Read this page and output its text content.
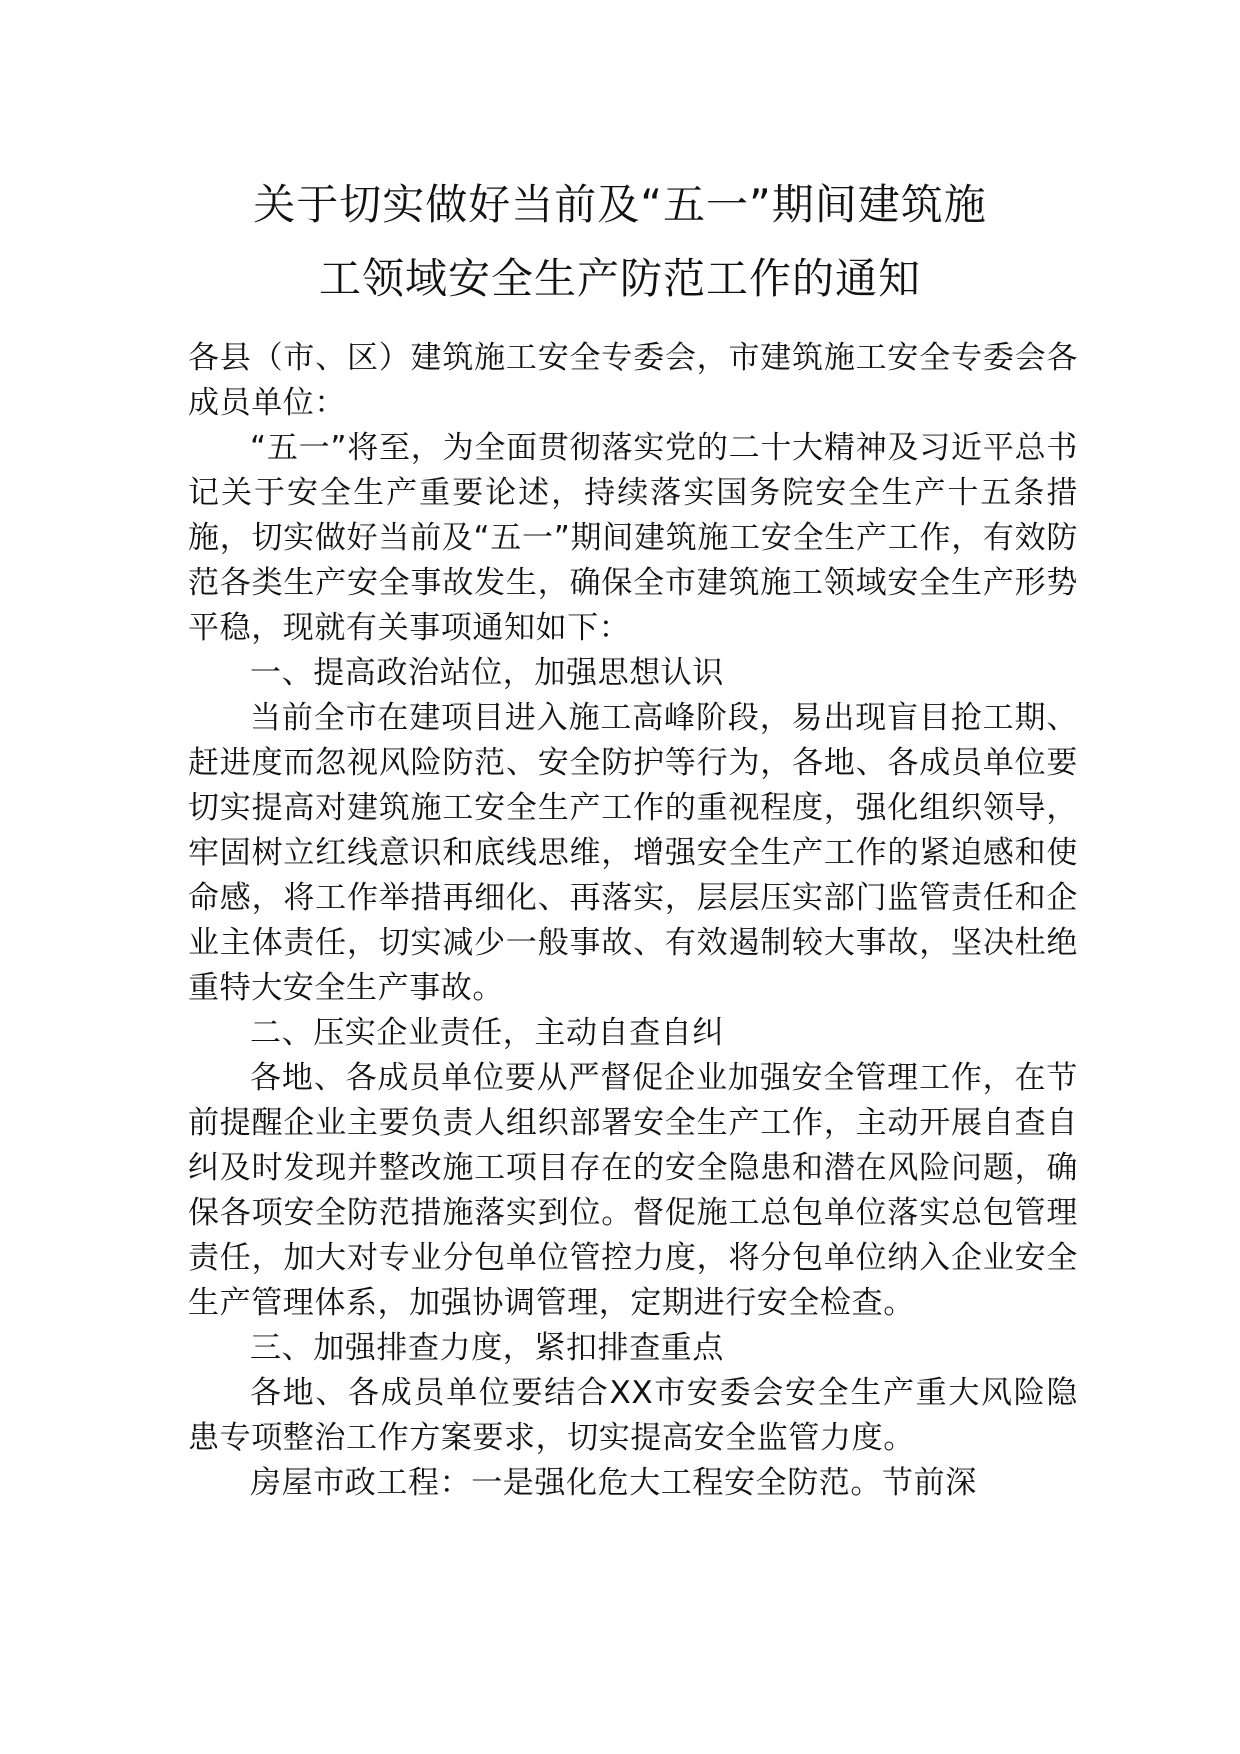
关于切实做好当前及“五一”期间建筑施
工领域安全生产防范工作的通知

各县（市、区）建筑施工安全专委会，市建筑施工安全专委会各成员单位：

“五一”将至，为全面贯彻落实党的二十大精神及习近平总书记关于安全生产重要论述，持续落实国务院安全生产十五条措施，切实做好当前及“五一”期间建筑施工安全生产工作，有效防范各类生产安全事故发生，确保全市建筑施工领域安全生产形势平稳，现就有关事项通知如下：

一、提高政治站位，加强思想认识

当前全市在建项目进入施工高峰阶段，易出现盲目抢工期、赶进度而忽视风险防范、安全防护等行为，各地、各成员单位要切实提高对建筑施工安全生产工作的重视程度，强化组织领导，牢固树立红线意识和底线思维，增强安全生产工作的紧迫感和使命感，将工作举措再细化、再落实，层层压实部门监管责任和企业主体责任，切实减少一般事故、有效遏制较大事故，坚决杜绝重特大安全生产事故。

二、压实企业责任，主动自查自纠

各地、各成员单位要从严督促企业加强安全管理工作，在节前提醒企业主要负责人组织部署安全生产工作，主动开展自查自纠及时发现并整改施工项目存在的安全隐患和潜在风险问题，确保各项安全防范措施落实到位。督促施工总包单位落实总包管理责任，加大对专业分包单位管控力度，将分包单位纳入企业安全生产管理体系，加强协调管理，定期进行安全检查。

三、加强排查力度，紧扣排查重点

各地、各成员单位要结合XX市安委会安全生产重大风险隐患专项整治工作方案要求，切实提高安全监管力度。

房屋市政工程：一是强化危大工程安全防范。节前深
